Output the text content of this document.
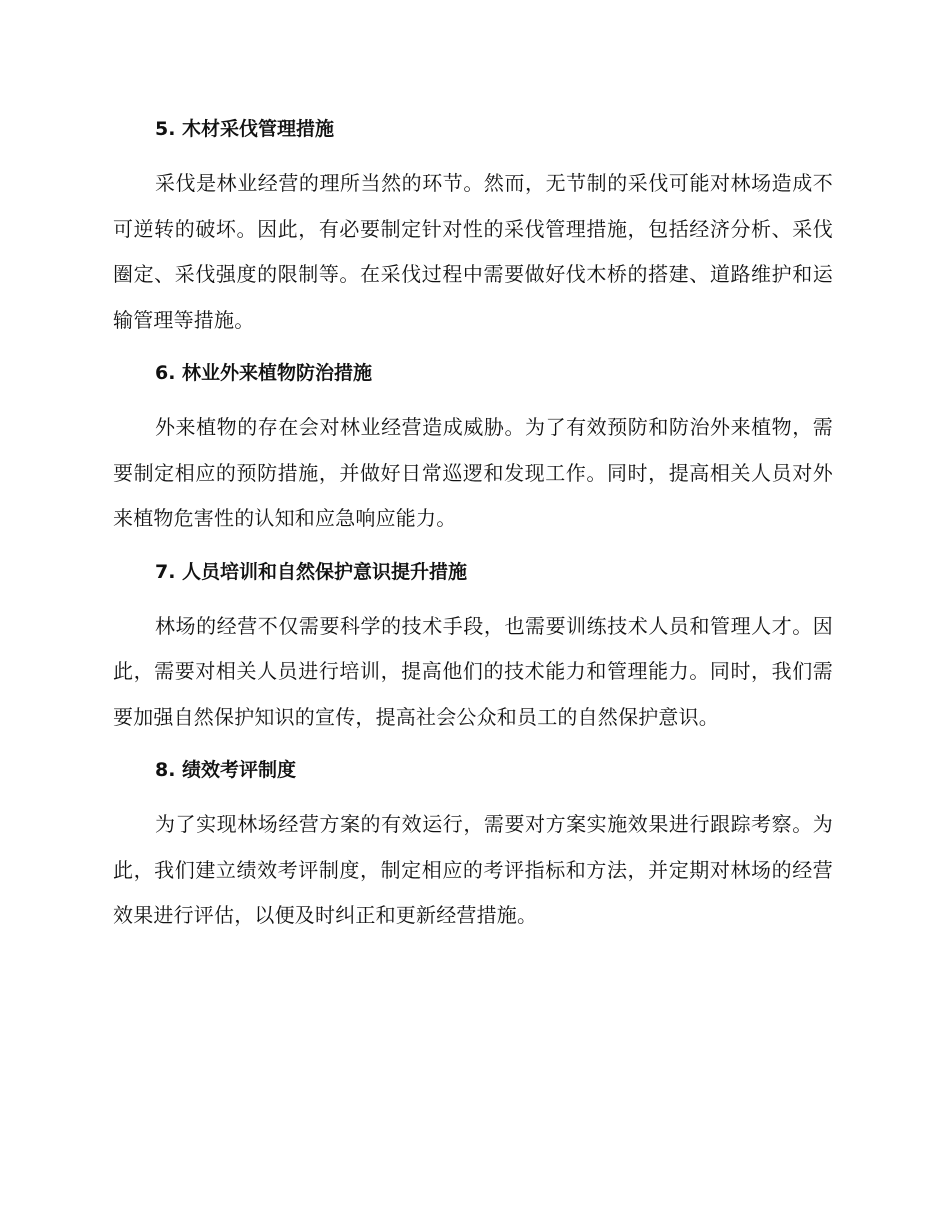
5. 木材采伐管理措施

采伐是林业经营的理所当然的环节。然而，无节制的采伐可能对林场造成不可逆转的破坏。因此，有必要制定针对性的采伐管理措施，包括经济分析、采伐圈定、采伐强度的限制等。在采伐过程中需要做好伐木桥的搭建、道路维护和运输管理等措施。

6. 林业外来植物防治措施

外来植物的存在会对林业经营造成威胁。为了有效预防和防治外来植物，需要制定相应的预防措施，并做好日常巡逻和发现工作。同时，提高相关人员对外来植物危害性的认知和应急响应能力。

7. 人员培训和自然保护意识提升措施

林场的经营不仅需要科学的技术手段，也需要训练技术人员和管理人才。因此，需要对相关人员进行培训，提高他们的技术能力和管理能力。同时，我们需要加强自然保护知识的宣传，提高社会公众和员工的自然保护意识。

8. 绩效考评制度

为了实现林场经营方案的有效运行，需要对方案实施效果进行跟踪考察。为此，我们建立绩效考评制度，制定相应的考评指标和方法，并定期对林场的经营效果进行评估，以便及时纠正和更新经营措施。
